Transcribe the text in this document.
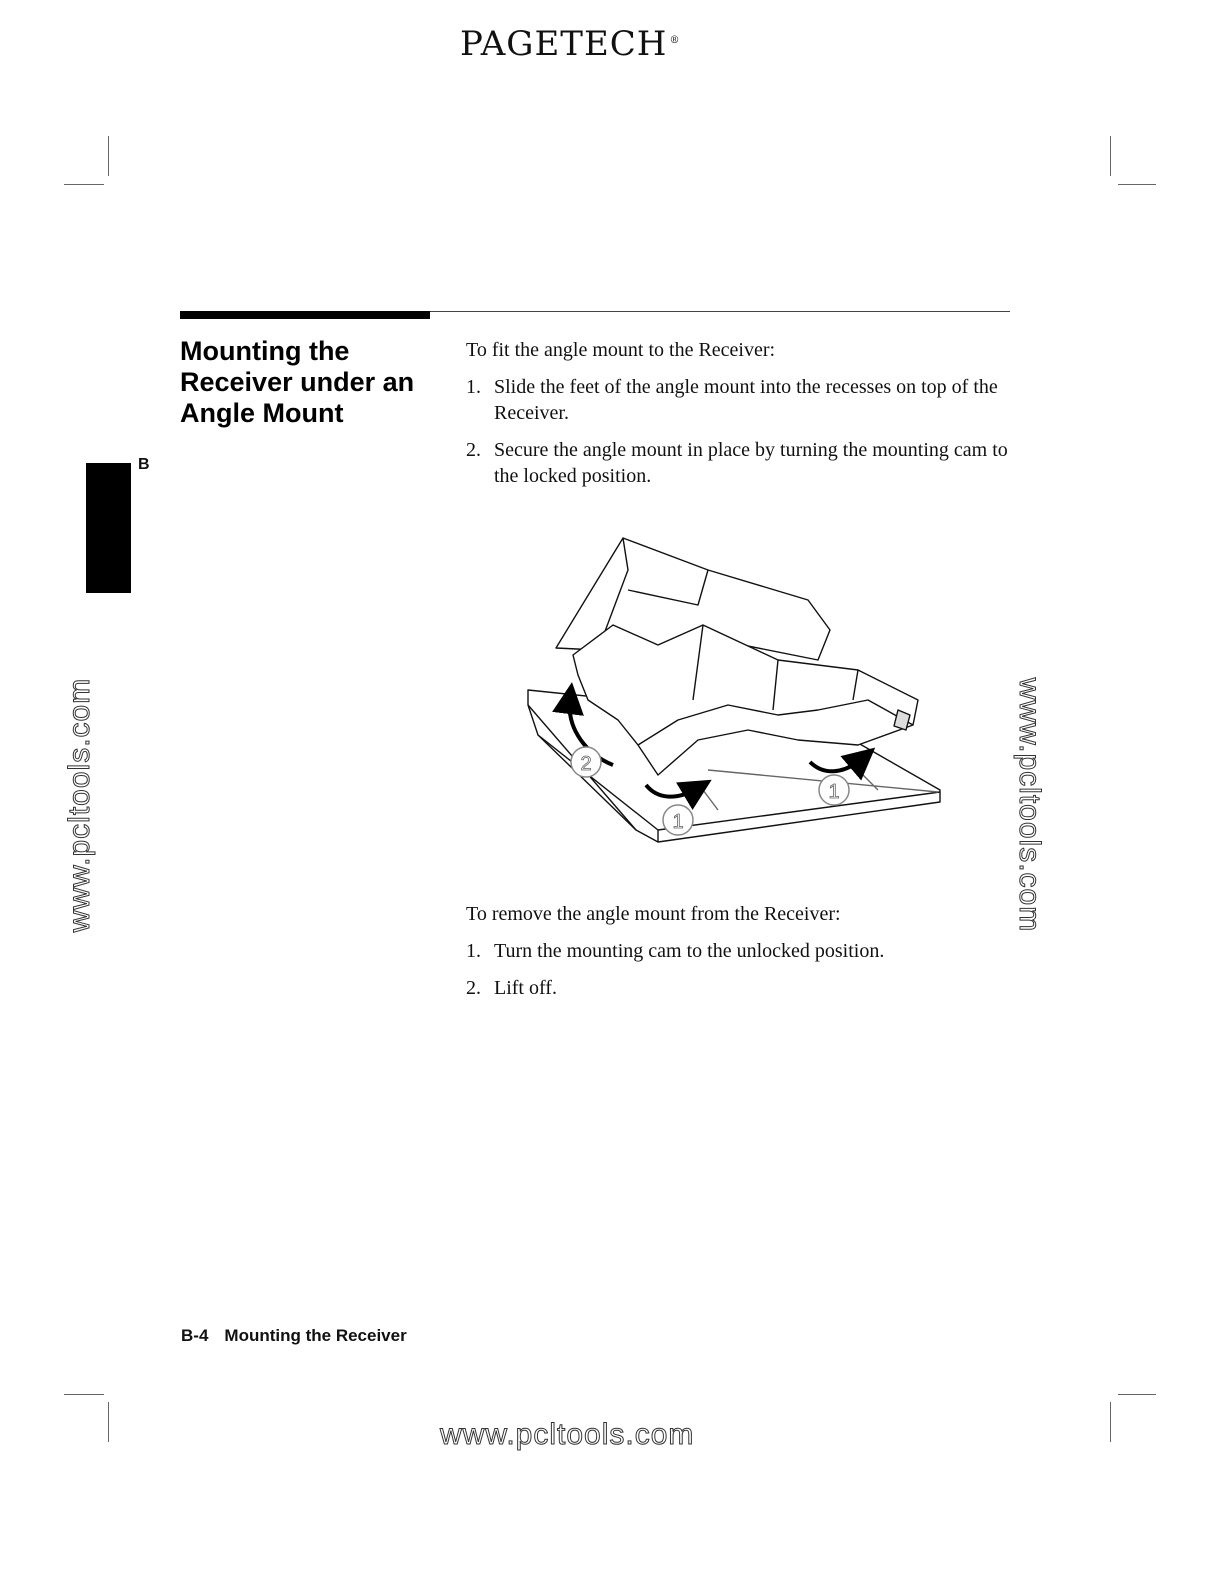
PAGETECH ®
Mounting the Receiver under an Angle Mount
B
To fit the angle mount to the Receiver:
1. Slide the feet of the angle mount into the recesses on top of the Receiver.
2. Secure the angle mount in place by turning the mounting cam to the locked position.
2
1
1
To remove the angle mount from the Receiver:
1. Turn the mounting cam to the unlocked position.
2. Lift off.
www.pcltools.com	www.pcltools.com
www.pcltools.com
B-4 Mounting the Receiver
